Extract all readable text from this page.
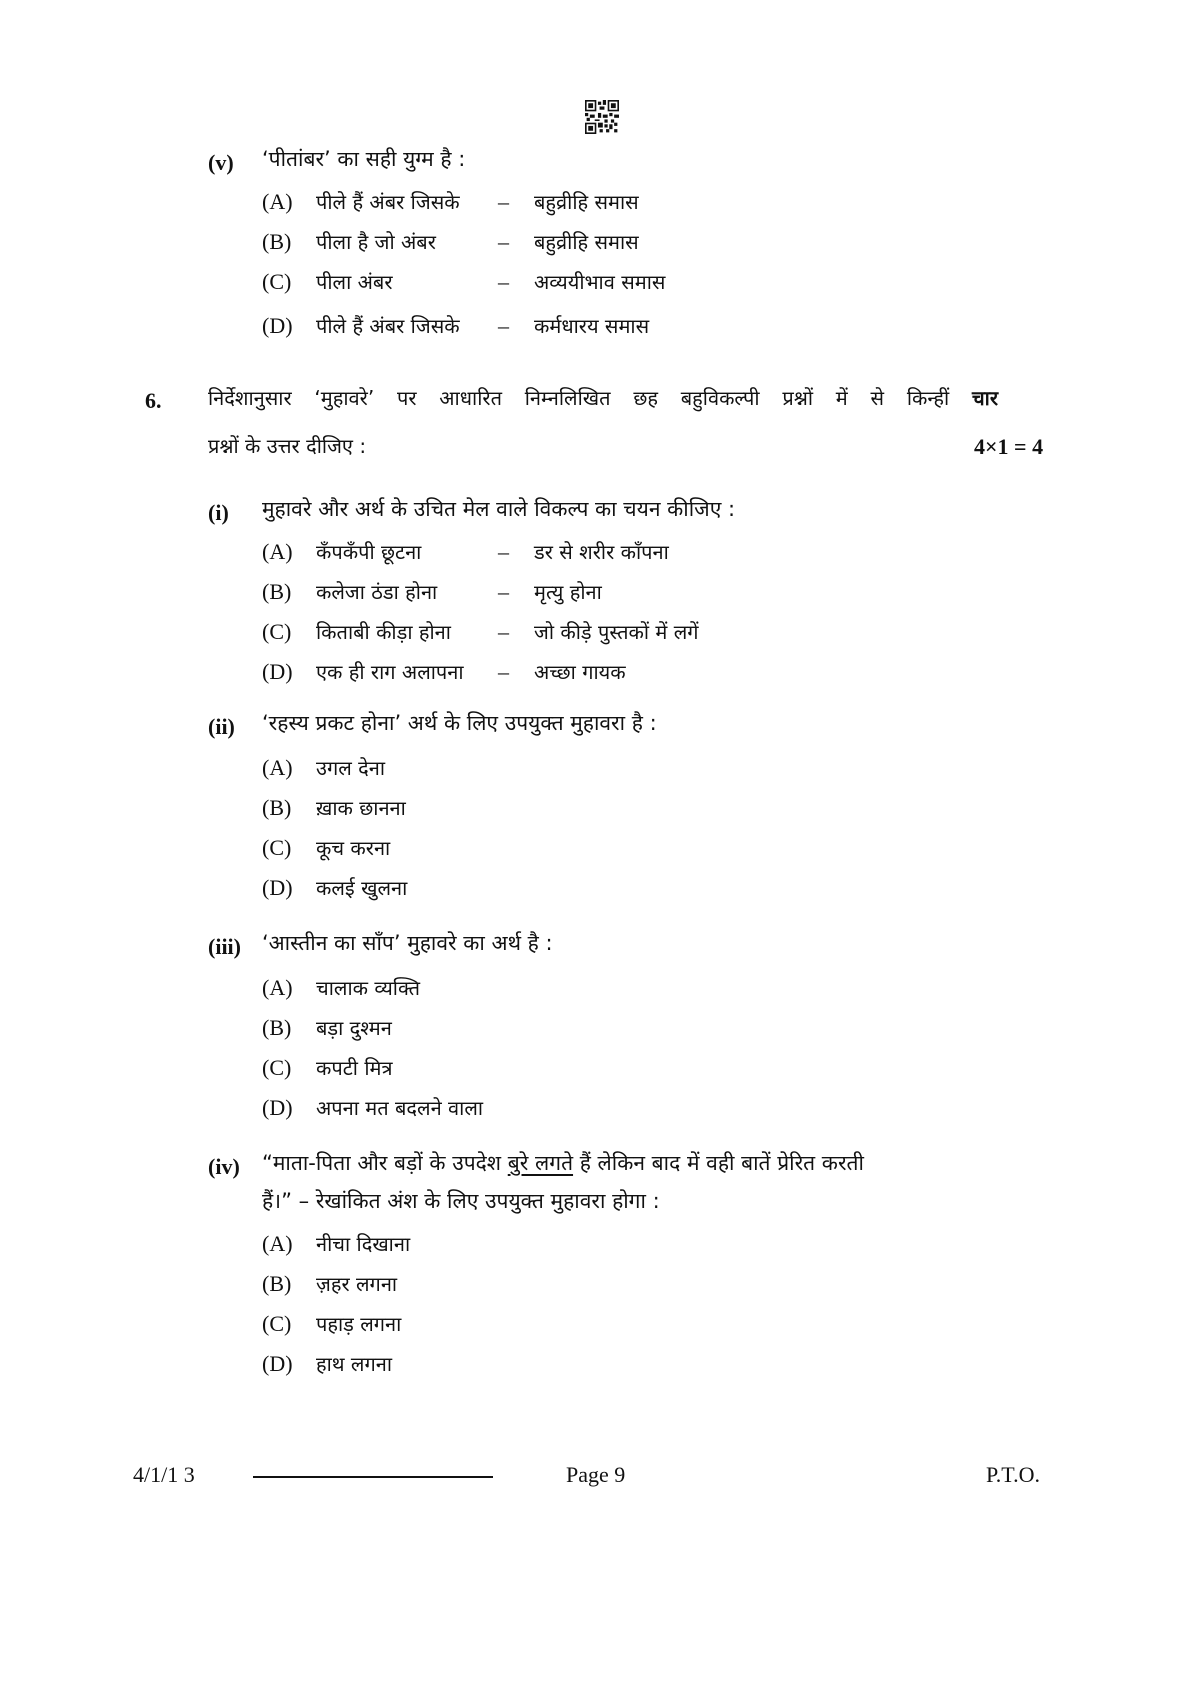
(v) ‘पीतांबर’ का सही युग्म है :
(A)	पीले हैं अंबर जिसके	–	बहुव्रीहि समास
(B)	पीला है जो अंबर	–	बहुव्रीहि समास
(C)	पीला अंबर	–	अव्ययीभाव समास
(D)	पीले हैं अंबर जिसके	–	कर्मधारय समास
6. निर्देशानुसार ‘मुहावरे’ पर आधारित निम्नलिखित छह बहुविकल्पी प्रश्नों में से किन्हीं चार
प्रश्नों के उत्तर दीजिए :	4×1 = 4
(i) मुहावरे और अर्थ के उचित मेल वाले विकल्प का चयन कीजिए :
(A)	कँपकँपी छूटना	–	डर से शरीर काँपना
(B)	कलेजा ठंडा होना	–	मृत्यु होना
(C)	किताबी कीड़ा होना	–	जो कीड़े पुस्तकों में लगें
(D)	एक ही राग अलापना	–	अच्छा गायक
(ii) ‘रहस्य प्रकट होना’ अर्थ के लिए उपयुक्त मुहावरा है :
(A)	उगल देना
(B)	ख़ाक छानना
(C)	कूच करना
(D)	कलई खुलना
(iii) ‘आस्तीन का साँप’ मुहावरे का अर्थ है :
(A)	चालाक व्यक्ति
(B)	बड़ा दुश्मन
(C)	कपटी मित्र
(D)	अपना मत बदलने वाला
(iv) “माता-पिता और बड़ों के उपदेश बुरे लगते हैं लेकिन बाद में वही बातें प्रेरित करती
हैं।” – रेखांकित अंश के लिए उपयुक्त मुहावरा होगा :
(A)	नीचा दिखाना
(B)	ज़हर लगना
(C)	पहाड़ लगना
(D)	हाथ लगना
4/1/1 3	Page 9	P.T.O.
